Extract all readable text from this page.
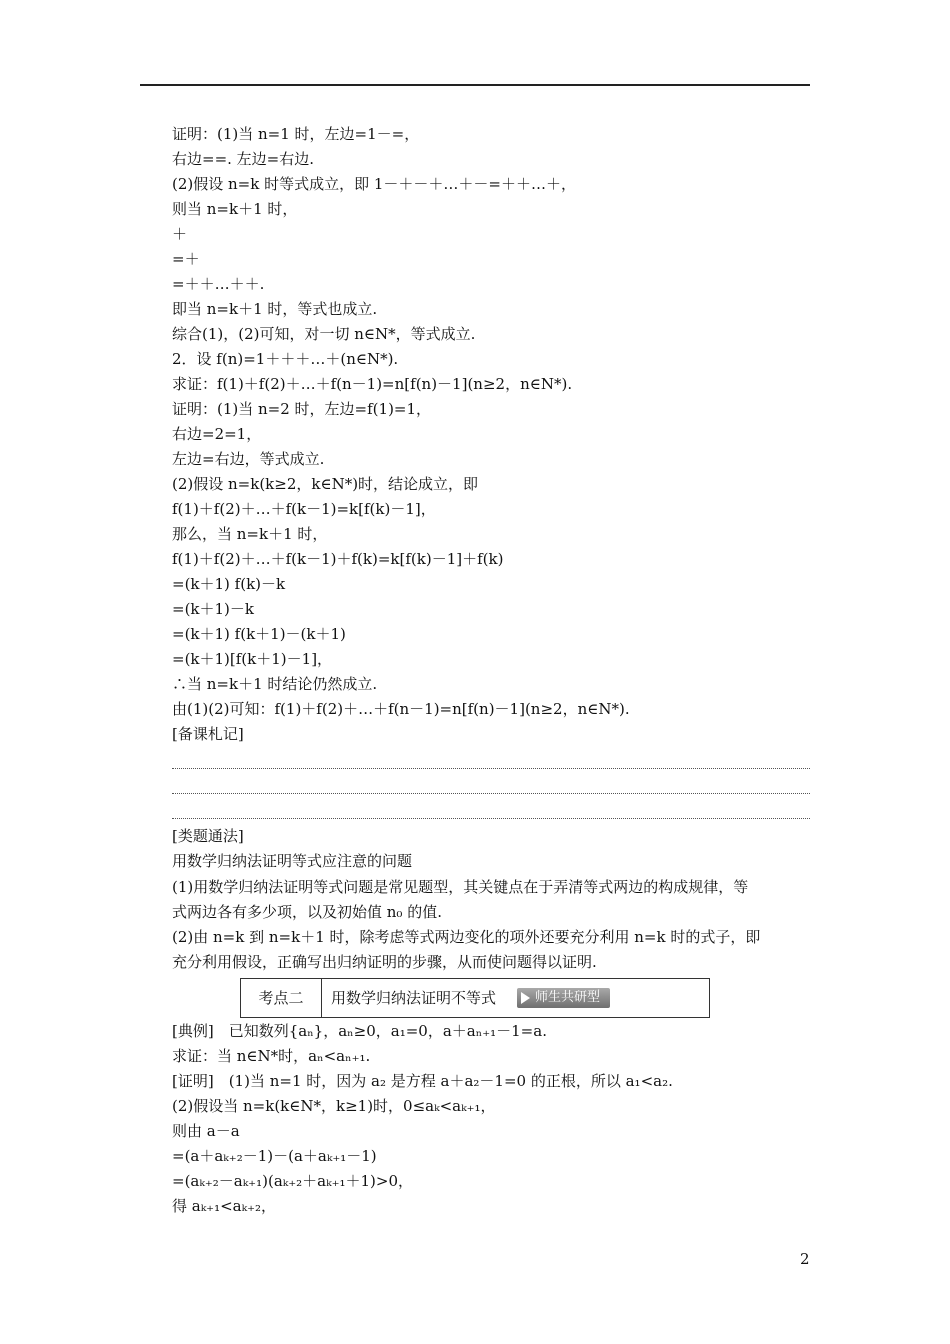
证明：(1)当 n=1 时，左边=1－=，
右边==. 左边=右边.
(2)假设 n=k 时等式成立，即 1－＋－＋…＋－=＋＋…＋，
则当 n=k＋1 时，
＋
=＋
=＋＋…＋＋.
即当 n=k＋1 时，等式也成立.
综合(1)，(2)可知，对一切 n∈N*，等式成立.
2．设 f(n)=1＋＋＋…＋(n∈N*).
求证：f(1)＋f(2)＋…＋f(n－1)=n[f(n)－1](n≥2，n∈N*).
证明：(1)当 n=2 时，左边=f(1)=1，
右边=2=1，
左边=右边，等式成立.
(2)假设 n=k(k≥2，k∈N*)时，结论成立，即
f(1)＋f(2)＋…＋f(k－1)=k[f(k)－1]，
那么，当 n=k＋1 时，
f(1)＋f(2)＋…＋f(k－1)＋f(k)=k[f(k)－1]＋f(k)
=(k＋1) f(k)－k
=(k＋1)－k
=(k＋1) f(k＋1)－(k＋1)
=(k＋1)[f(k＋1)－1]，
∴当 n=k＋1 时结论仍然成立.
由(1)(2)可知：f(1)＋f(2)＋…＋f(n－1)=n[f(n)－1](n≥2，n∈N*).
[备课札记]
[类题通法]
用数学归纳法证明等式应注意的问题
(1)用数学归纳法证明等式问题是常见题型，其关键点在于弄清等式两边的构成规律，等
式两边各有多少项，以及初始值 n₀ 的值.
(2)由 n=k 到 n=k＋1 时，除考虑等式两边变化的项外还要充分利用 n=k 时的式子，即
充分利用假设，正确写出归纳证明的步骤，从而使问题得以证明.
考点二	用数学归纳法证明不等式	师生共研型
[典例]　已知数列{aₙ}，aₙ≥0，a₁=0，a＋aₙ₊₁－1=a.
求证：当 n∈N*时，aₙ<aₙ₊₁.
[证明]　(1)当 n=1 时，因为 a₂ 是方程 a＋a₂－1=0 的正根，所以 a₁<a₂.
(2)假设当 n=k(k∈N*，k≥1)时，0≤aₖ<aₖ₊₁，
则由 a－a
=(a＋aₖ₊₂－1)－(a＋aₖ₊₁－1)
=(aₖ₊₂－aₖ₊₁)(aₖ₊₂＋aₖ₊₁＋1)>0，
得 aₖ₊₁<aₖ₊₂，
2
